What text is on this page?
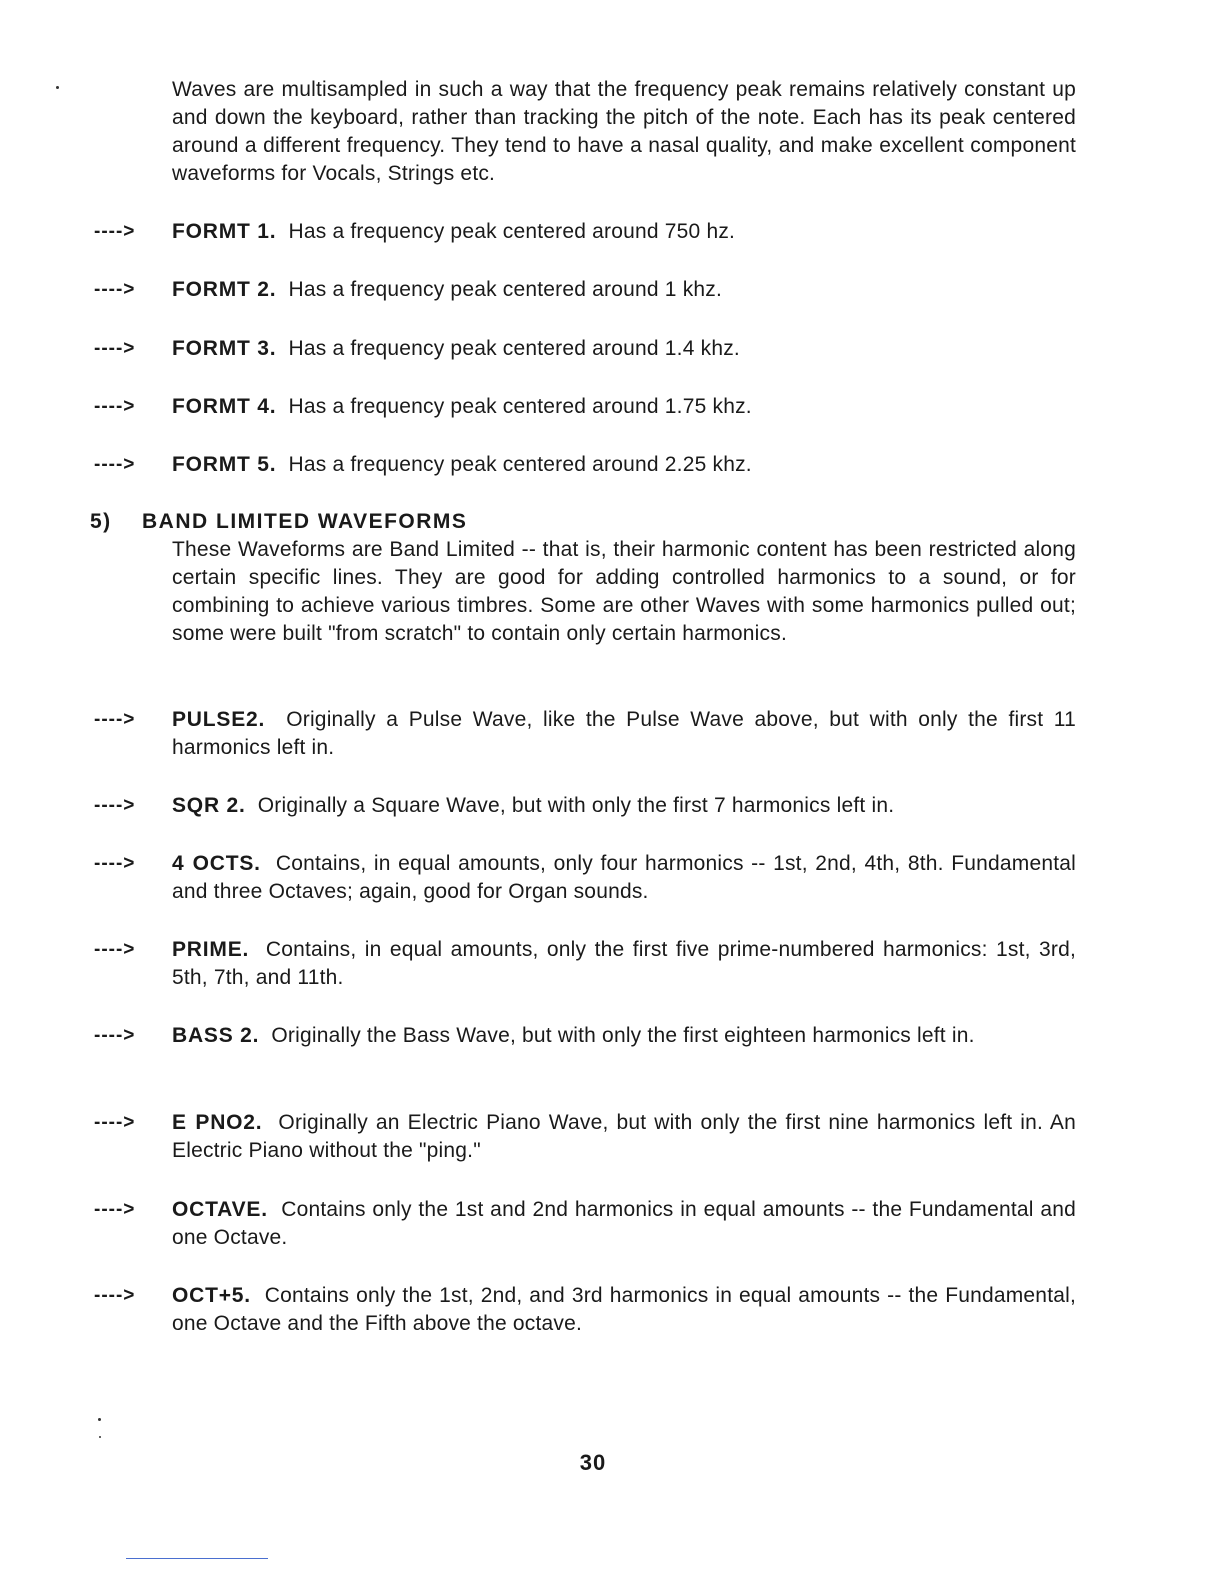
Waves are multisampled in such a way that the frequency peak remains relatively constant up and down the keyboard, rather than tracking the pitch of the note. Each has its peak centered around a different frequency. They tend to have a nasal quality, and make excellent component waveforms for Vocals, Strings etc.
----> FORMT 1. Has a frequency peak centered around 750 hz.
----> FORMT 2. Has a frequency peak centered around 1 khz.
----> FORMT 3. Has a frequency peak centered around 1.4 khz.
----> FORMT 4. Has a frequency peak centered around 1.75 khz.
----> FORMT 5. Has a frequency peak centered around 2.25 khz.
5) BAND LIMITED WAVEFORMS
These Waveforms are Band Limited -- that is, their harmonic content has been restricted along certain specific lines. They are good for adding controlled harmonics to a sound, or for combining to achieve various timbres. Some are other Waves with some harmonics pulled out; some were built "from scratch" to contain only certain harmonics.
----> PULSE2. Originally a Pulse Wave, like the Pulse Wave above, but with only the first 11 harmonics left in.
----> SQR 2. Originally a Square Wave, but with only the first 7 harmonics left in.
----> 4 OCTS. Contains, in equal amounts, only four harmonics -- 1st, 2nd, 4th, 8th. Fundamental and three Octaves; again, good for Organ sounds.
----> PRIME. Contains, in equal amounts, only the first five prime-numbered harmonics: 1st, 3rd, 5th, 7th, and 11th.
----> BASS 2. Originally the Bass Wave, but with only the first eighteen harmonics left in.
----> E PNO2. Originally an Electric Piano Wave, but with only the first nine harmonics left in. An Electric Piano without the "ping."
----> OCTAVE. Contains only the 1st and 2nd harmonics in equal amounts -- the Fundamental and one Octave.
----> OCT+5. Contains only the 1st, 2nd, and 3rd harmonics in equal amounts -- the Fundamental, one Octave and the Fifth above the octave.
30
